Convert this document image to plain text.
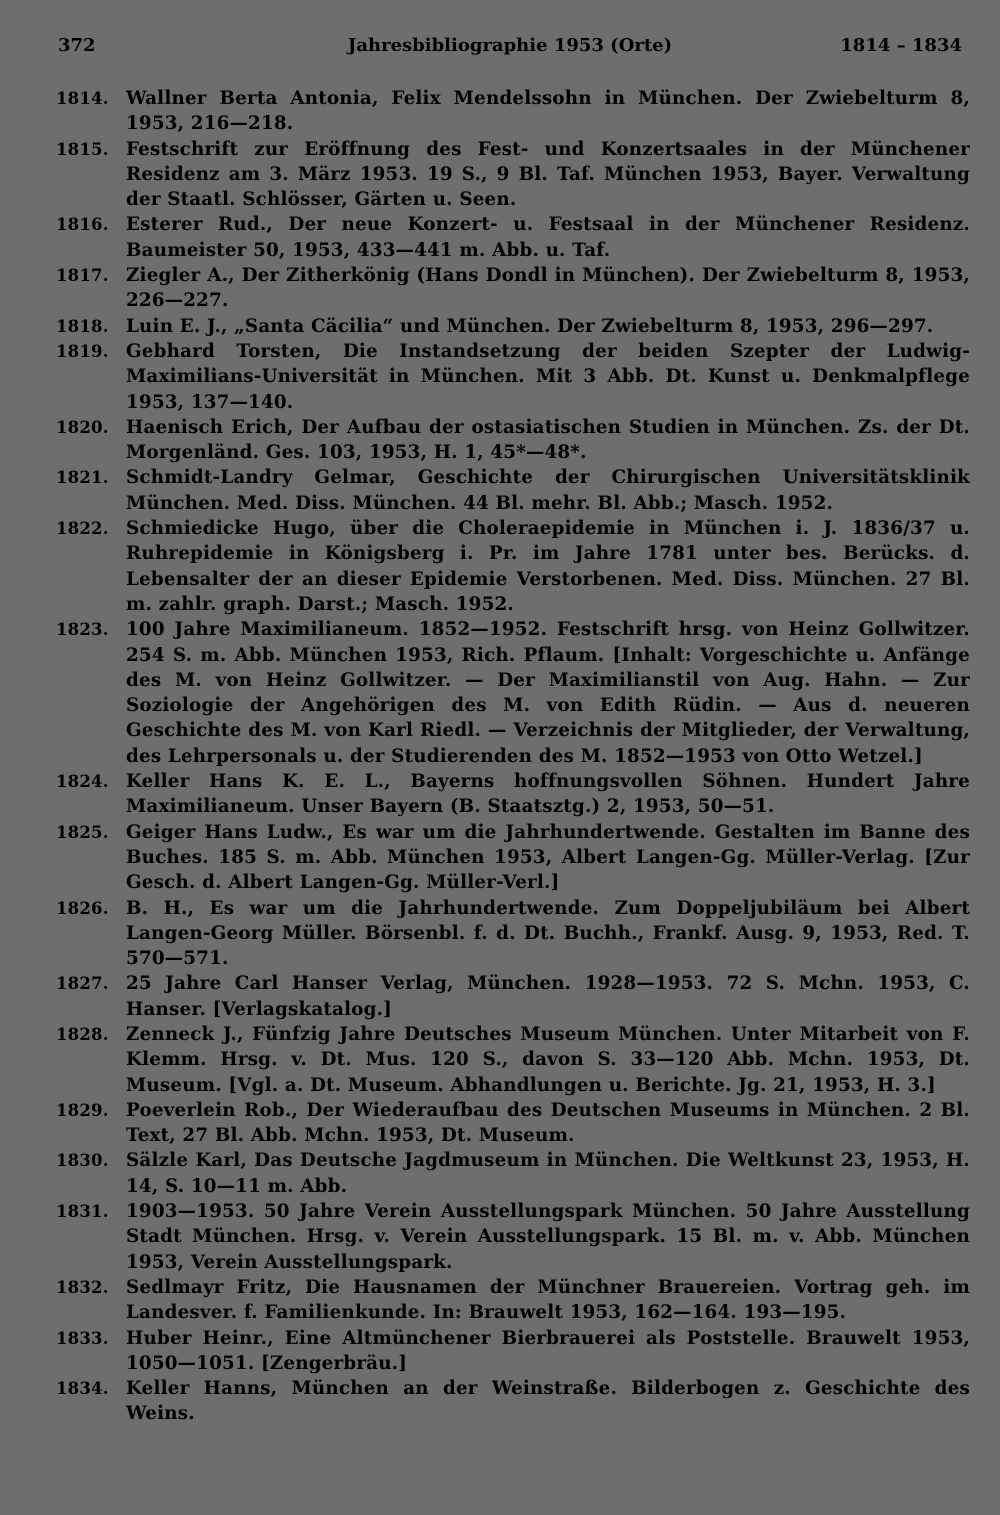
372	Jahresbibliographie 1953 (Orte)	1814 – 1834
1814. Wallner Berta Antonia, Felix Mendelssohn in München. Der Zwiebelturm 8, 1953, 216—218.
1815. Festschrift zur Eröffnung des Fest- und Konzertsaales in der Münchener Residenz am 3. März 1953. 19 S., 9 Bl. Taf. München 1953, Bayer. Verwaltung der Staatl. Schlösser, Gärten u. Seen.
1816. Esterer Rud., Der neue Konzert- u. Festsaal in der Münchener Residenz. Baumeister 50, 1953, 433—441 m. Abb. u. Taf.
1817. Ziegler A., Der Zitherkönig (Hans Dondl in München). Der Zwiebelturm 8, 1953, 226—227.
1818. Luin E. J., „Santa Cäcilia“ und München. Der Zwiebelturm 8, 1953, 296—297.
1819. Gebhard Torsten, Die Instandsetzung der beiden Szepter der Ludwig-Maximilians-Universität in München. Mit 3 Abb. Dt. Kunst u. Denkmalpflege 1953, 137—140.
1820. Haenisch Erich, Der Aufbau der ostasiatischen Studien in München. Zs. der Dt. Morgenländ. Ges. 103, 1953, H. 1, 45*—48*.
1821. Schmidt-Landry Gelmar, Geschichte der Chirurgischen Universitätsklinik München. Med. Diss. München. 44 Bl. mehr. Bl. Abb.; Masch. 1952.
1822. Schmiedicke Hugo, über die Choleraepidemie in München i. J. 1836/37 u. Ruhrepidemie in Königsberg i. Pr. im Jahre 1781 unter bes. Berücks. d. Lebensalter der an dieser Epidemie Verstorbenen. Med. Diss. München. 27 Bl. m. zahlr. graph. Darst.; Masch. 1952.
1823. 100 Jahre Maximilianeum. 1852—1952. Festschrift hrsg. von Heinz Gollwitzer. 254 S. m. Abb. München 1953, Rich. Pflaum. [Inhalt: Vorgeschichte u. Anfänge des M. von Heinz Gollwitzer. — Der Maximilianstil von Aug. Hahn. — Zur Soziologie der Angehörigen des M. von Edith Rüdin. — Aus d. neueren Geschichte des M. von Karl Riedl. — Verzeichnis der Mitglieder, der Verwaltung, des Lehrpersonals u. der Studierenden des M. 1852—1953 von Otto Wetzel.]
1824. Keller Hans K. E. L., Bayerns hoffnungsvollen Söhnen. Hundert Jahre Maximilianeum. Unser Bayern (B. Staatsztg.) 2, 1953, 50—51.
1825. Geiger Hans Ludw., Es war um die Jahrhundertwende. Gestalten im Banne des Buches. 185 S. m. Abb. München 1953, Albert Langen-Gg. Müller-Verlag. [Zur Gesch. d. Albert Langen-Gg. Müller-Verl.]
1826. B. H., Es war um die Jahrhundertwende. Zum Doppeljubiläum bei Albert Langen-Georg Müller. Börsenbl. f. d. Dt. Buchh., Frankf. Ausg. 9, 1953, Red. T. 570—571.
1827. 25 Jahre Carl Hanser Verlag, München. 1928—1953. 72 S. Mchn. 1953, C. Hanser. [Verlagskatalog.]
1828. Zenneck J., Fünfzig Jahre Deutsches Museum München. Unter Mitarbeit von F. Klemm. Hrsg. v. Dt. Mus. 120 S., davon S. 33—120 Abb. Mchn. 1953, Dt. Museum. [Vgl. a. Dt. Museum. Abhandlungen u. Berichte. Jg. 21, 1953, H. 3.]
1829. Poeverlein Rob., Der Wiederaufbau des Deutschen Museums in München. 2 Bl. Text, 27 Bl. Abb. Mchn. 1953, Dt. Museum.
1830. Sälzle Karl, Das Deutsche Jagdmuseum in München. Die Weltkunst 23, 1953, H. 14, S. 10—11 m. Abb.
1831. 1903—1953. 50 Jahre Verein Ausstellungspark München. 50 Jahre Ausstellung Stadt München. Hrsg. v. Verein Ausstellungspark. 15 Bl. m. v. Abb. München 1953, Verein Ausstellungspark.
1832. Sedlmayr Fritz, Die Hausnamen der Münchner Brauereien. Vortrag geh. im Landesver. f. Familienkunde. In: Brauwelt 1953, 162—164. 193—195.
1833. Huber Heinr., Eine Altmünchener Bierbrauerei als Poststelle. Brauwelt 1953, 1050—1051. [Zengerbräu.]
1834. Keller Hanns, München an der Weinstraße. Bilderbogen z. Geschichte des Weins.
